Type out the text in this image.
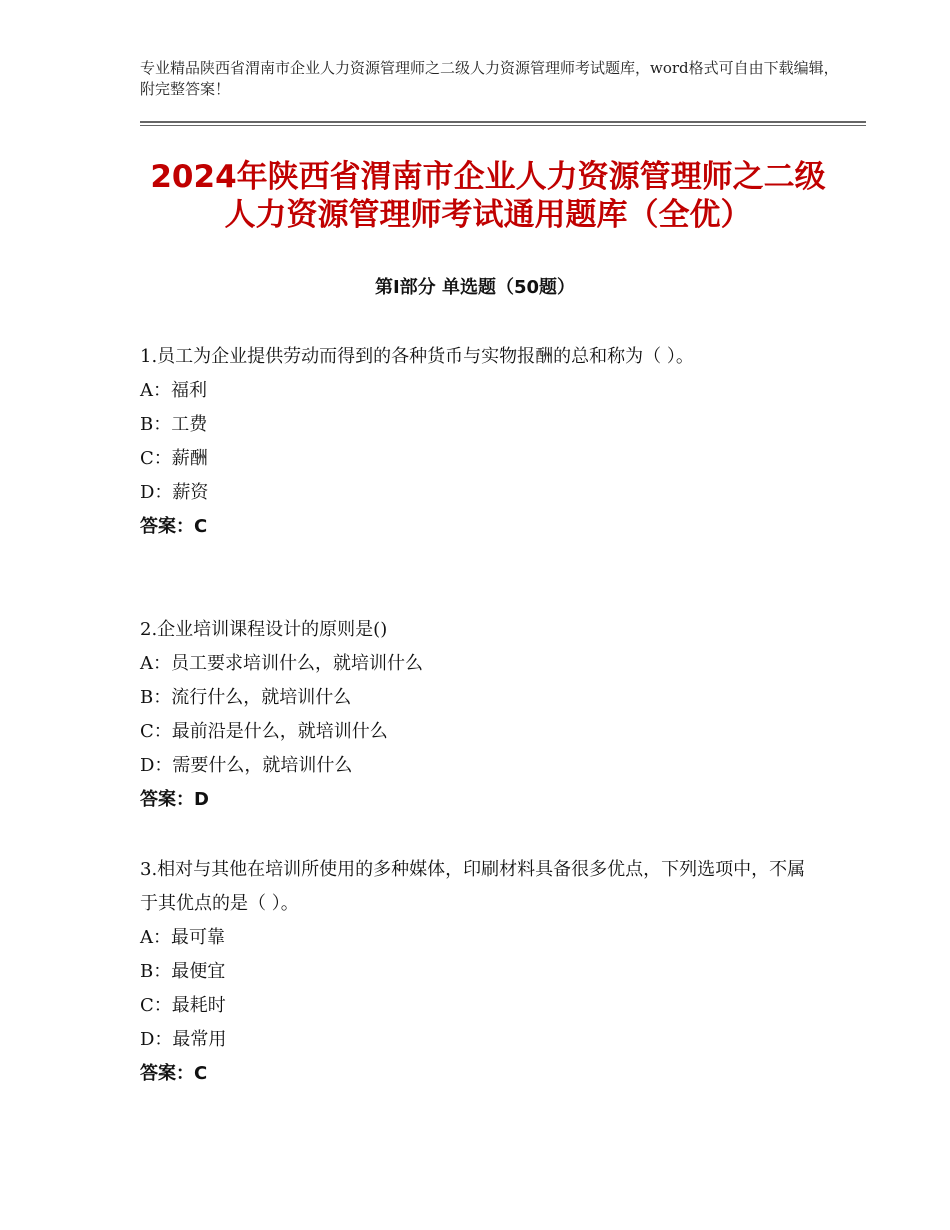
专业精品陕西省渭南市企业人力资源管理师之二级人力资源管理师考试题库，word格式可自由下载编辑，附完整答案！
2024年陕西省渭南市企业人力资源管理师之二级人力资源管理师考试通用题库（全优）
第Ⅰ部分 单选题（50题）

1.员工为企业提供劳动而得到的各种货币与实物报酬的总和称为（ ）。

A：福利

B：工费

C：薪酬

D：薪资

答案：C

2.企业培训课程设计的原则是()

A：员工要求培训什么，就培训什么

B：流行什么，就培训什么

C：最前沿是什么，就培训什么

D：需要什么，就培训什么

答案：D

3.相对与其他在培训所使用的多种媒体，印刷材料具备很多优点，下列选项中，不属于其优点的是（ ）。

A：最可靠

B：最便宜

C：最耗时

D：最常用

答案：C
